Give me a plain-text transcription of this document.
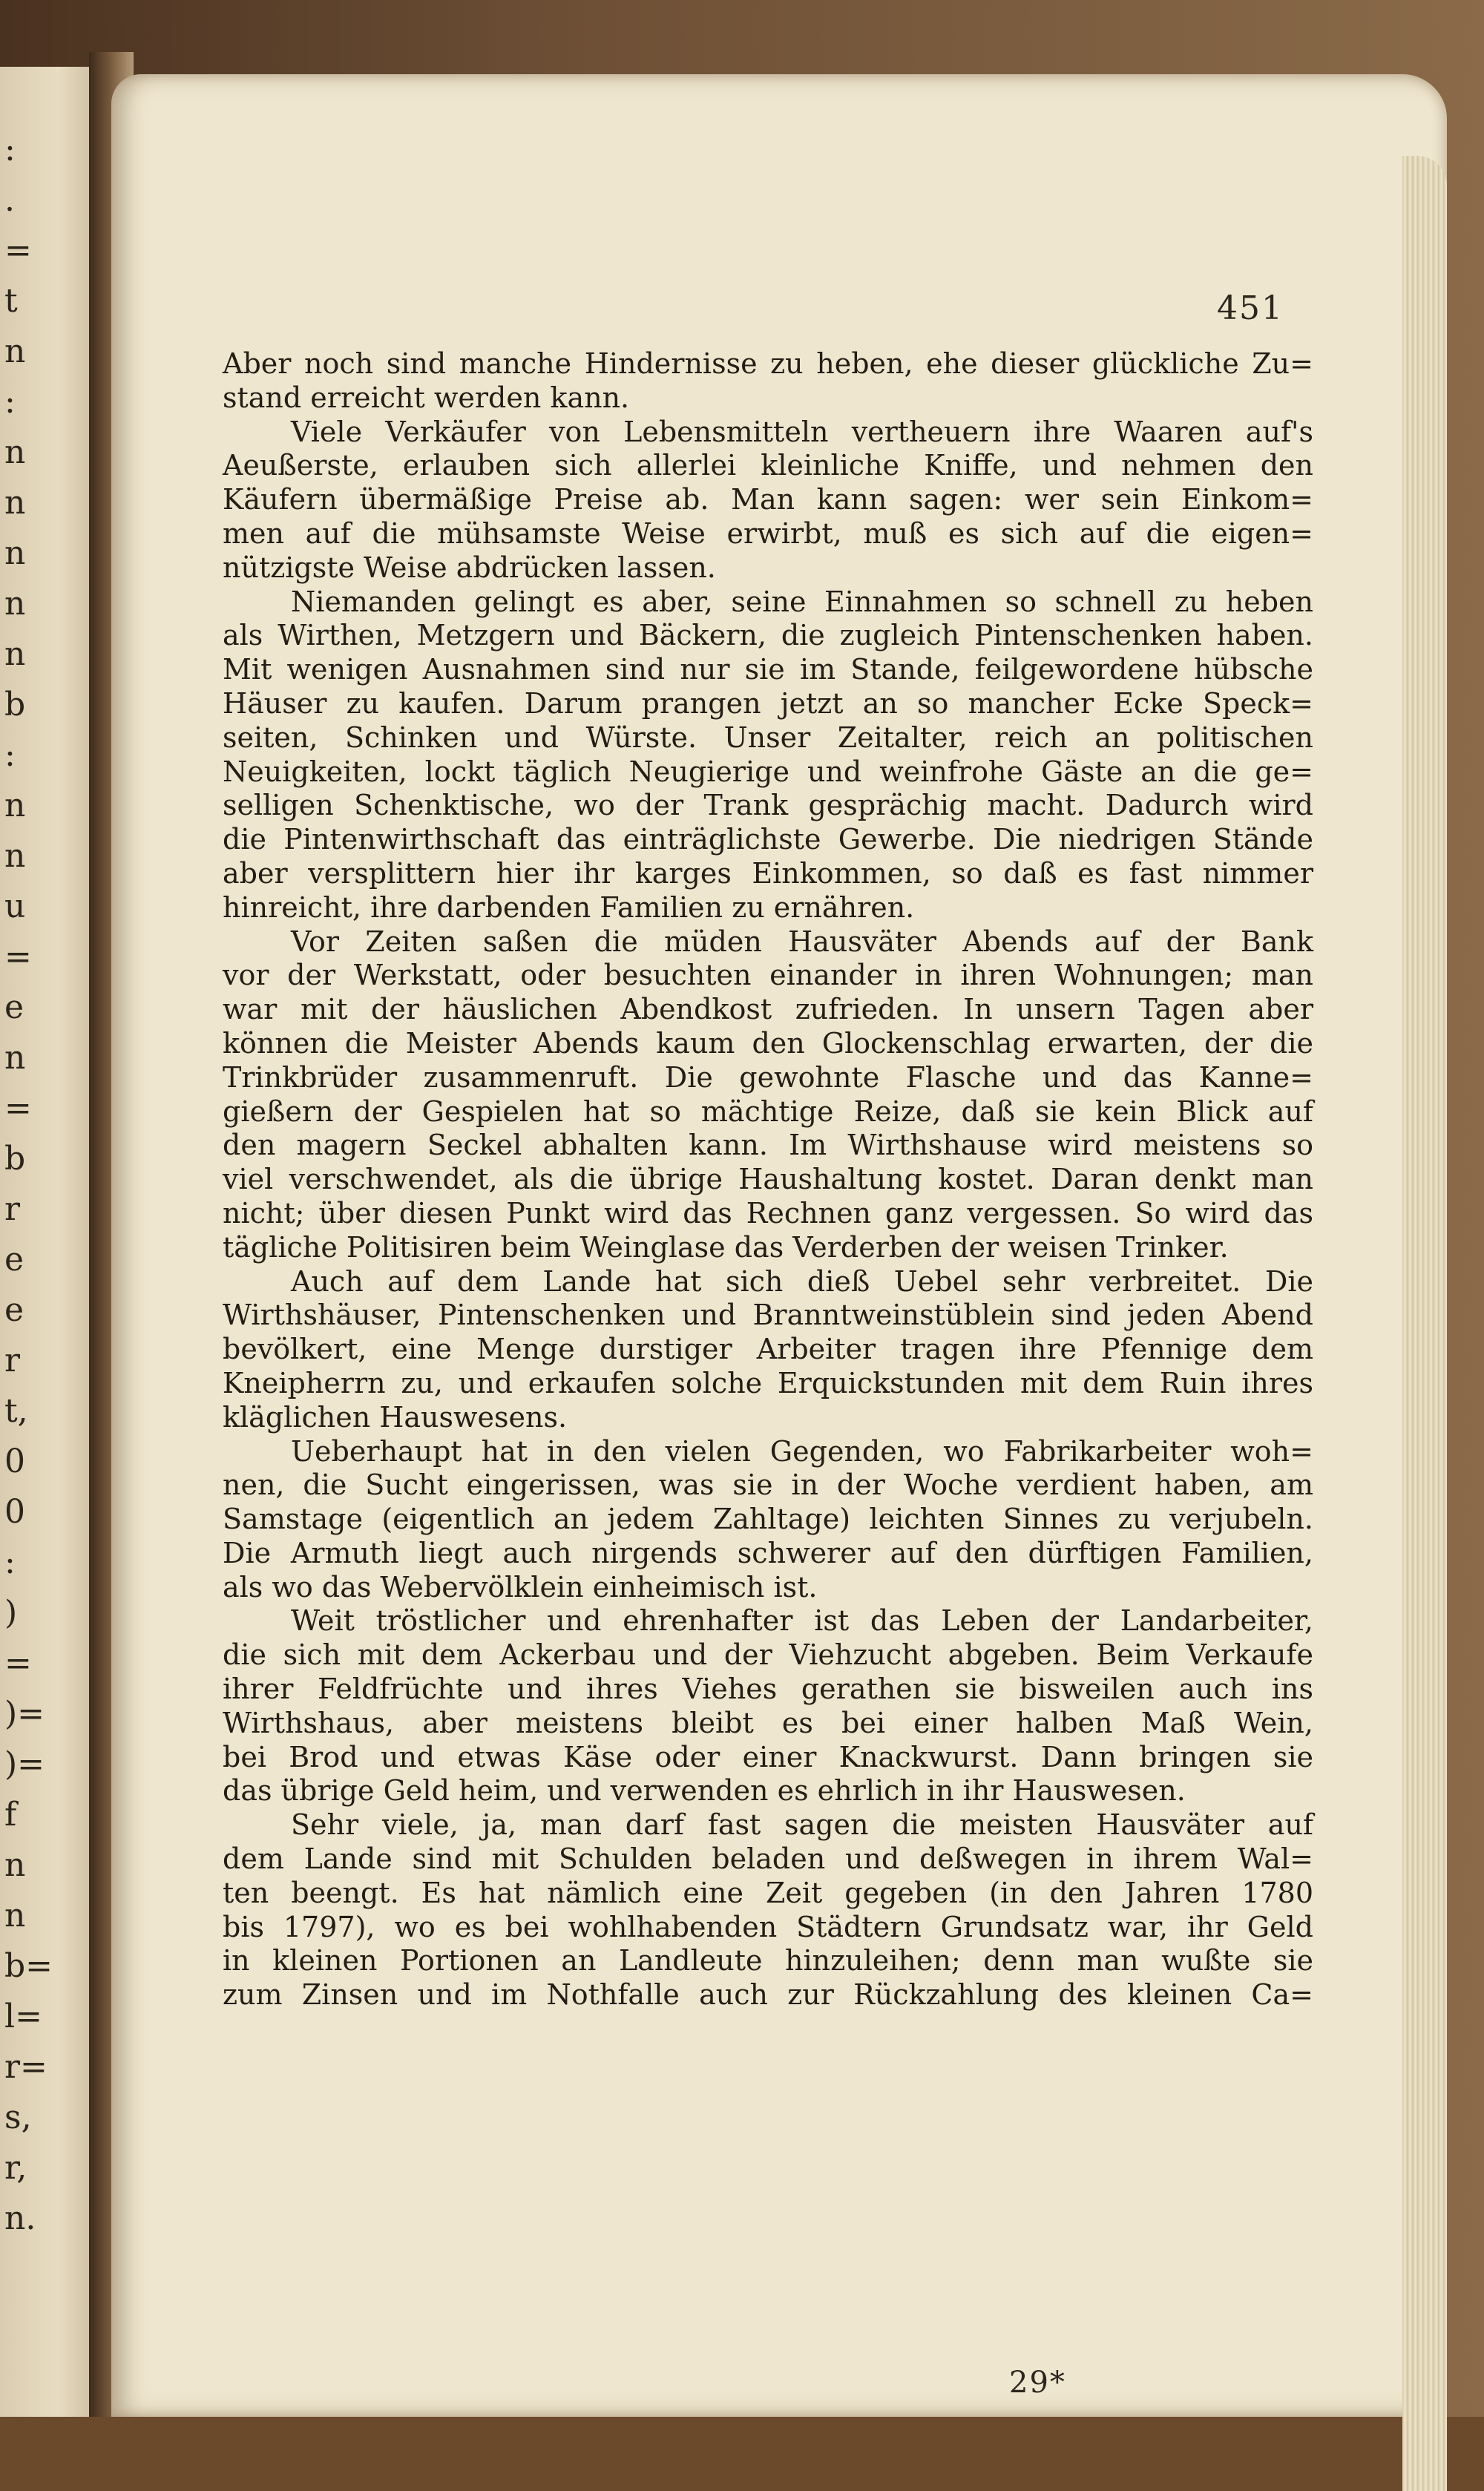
:
.
=
t
n
:
n
n
n
n
n
b
:
n
n
u
=
e
n
=
b
r
e
e
r
t,
0
0
:
)
=
)=
)=
f
n
n
b=
l=
r=
s,
r,
n.
451
Aber noch sind manche Hindernisse zu heben, ehe dieser glückliche Zu=
stand erreicht werden kann.
Viele Verkäufer von Lebensmitteln vertheuern ihre Waaren auf's
Aeußerste, erlauben sich allerlei kleinliche Kniffe, und nehmen den
Käufern übermäßige Preise ab. Man kann sagen: wer sein Einkom=
men auf die mühsamste Weise erwirbt, muß es sich auf die eigen=
nützigste Weise abdrücken lassen.
Niemanden gelingt es aber, seine Einnahmen so schnell zu heben
als Wirthen, Metzgern und Bäckern, die zugleich Pintenschenken haben.
Mit wenigen Ausnahmen sind nur sie im Stande, feilgewordene hübsche
Häuser zu kaufen. Darum prangen jetzt an so mancher Ecke Speck=
seiten, Schinken und Würste. Unser Zeitalter, reich an politischen
Neuigkeiten, lockt täglich Neugierige und weinfrohe Gäste an die ge=
selligen Schenktische, wo der Trank gesprächig macht. Dadurch wird
die Pintenwirthschaft das einträglichste Gewerbe. Die niedrigen Stände
aber versplittern hier ihr karges Einkommen, so daß es fast nimmer
hinreicht, ihre darbenden Familien zu ernähren.
Vor Zeiten saßen die müden Hausväter Abends auf der Bank
vor der Werkstatt, oder besuchten einander in ihren Wohnungen; man
war mit der häuslichen Abendkost zufrieden. In unsern Tagen aber
können die Meister Abends kaum den Glockenschlag erwarten, der die
Trinkbrüder zusammenruft. Die gewohnte Flasche und das Kanne=
gießern der Gespielen hat so mächtige Reize, daß sie kein Blick auf
den magern Seckel abhalten kann. Im Wirthshause wird meistens so
viel verschwendet, als die übrige Haushaltung kostet. Daran denkt man
nicht; über diesen Punkt wird das Rechnen ganz vergessen. So wird das
tägliche Politisiren beim Weinglase das Verderben der weisen Trinker.
Auch auf dem Lande hat sich dieß Uebel sehr verbreitet. Die
Wirthshäuser, Pintenschenken und Branntweinstüblein sind jeden Abend
bevölkert, eine Menge durstiger Arbeiter tragen ihre Pfennige dem
Kneipherrn zu, und erkaufen solche Erquickstunden mit dem Ruin ihres
kläglichen Hauswesens.
Ueberhaupt hat in den vielen Gegenden, wo Fabrikarbeiter woh=
nen, die Sucht eingerissen, was sie in der Woche verdient haben, am
Samstage (eigentlich an jedem Zahltage) leichten Sinnes zu verjubeln.
Die Armuth liegt auch nirgends schwerer auf den dürftigen Familien,
als wo das Webervölklein einheimisch ist.
Weit tröstlicher und ehrenhafter ist das Leben der Landarbeiter,
die sich mit dem Ackerbau und der Viehzucht abgeben. Beim Verkaufe
ihrer Feldfrüchte und ihres Viehes gerathen sie bisweilen auch ins
Wirthshaus, aber meistens bleibt es bei einer halben Maß Wein,
bei Brod und etwas Käse oder einer Knackwurst. Dann bringen sie
das übrige Geld heim, und verwenden es ehrlich in ihr Hauswesen.
Sehr viele, ja, man darf fast sagen die meisten Hausväter auf
dem Lande sind mit Schulden beladen und deßwegen in ihrem Wal=
ten beengt. Es hat nämlich eine Zeit gegeben (in den Jahren 1780
bis 1797), wo es bei wohlhabenden Städtern Grundsatz war, ihr Geld
in kleinen Portionen an Landleute hinzuleihen; denn man wußte sie
zum Zinsen und im Nothfalle auch zur Rückzahlung des kleinen Ca=
29*
